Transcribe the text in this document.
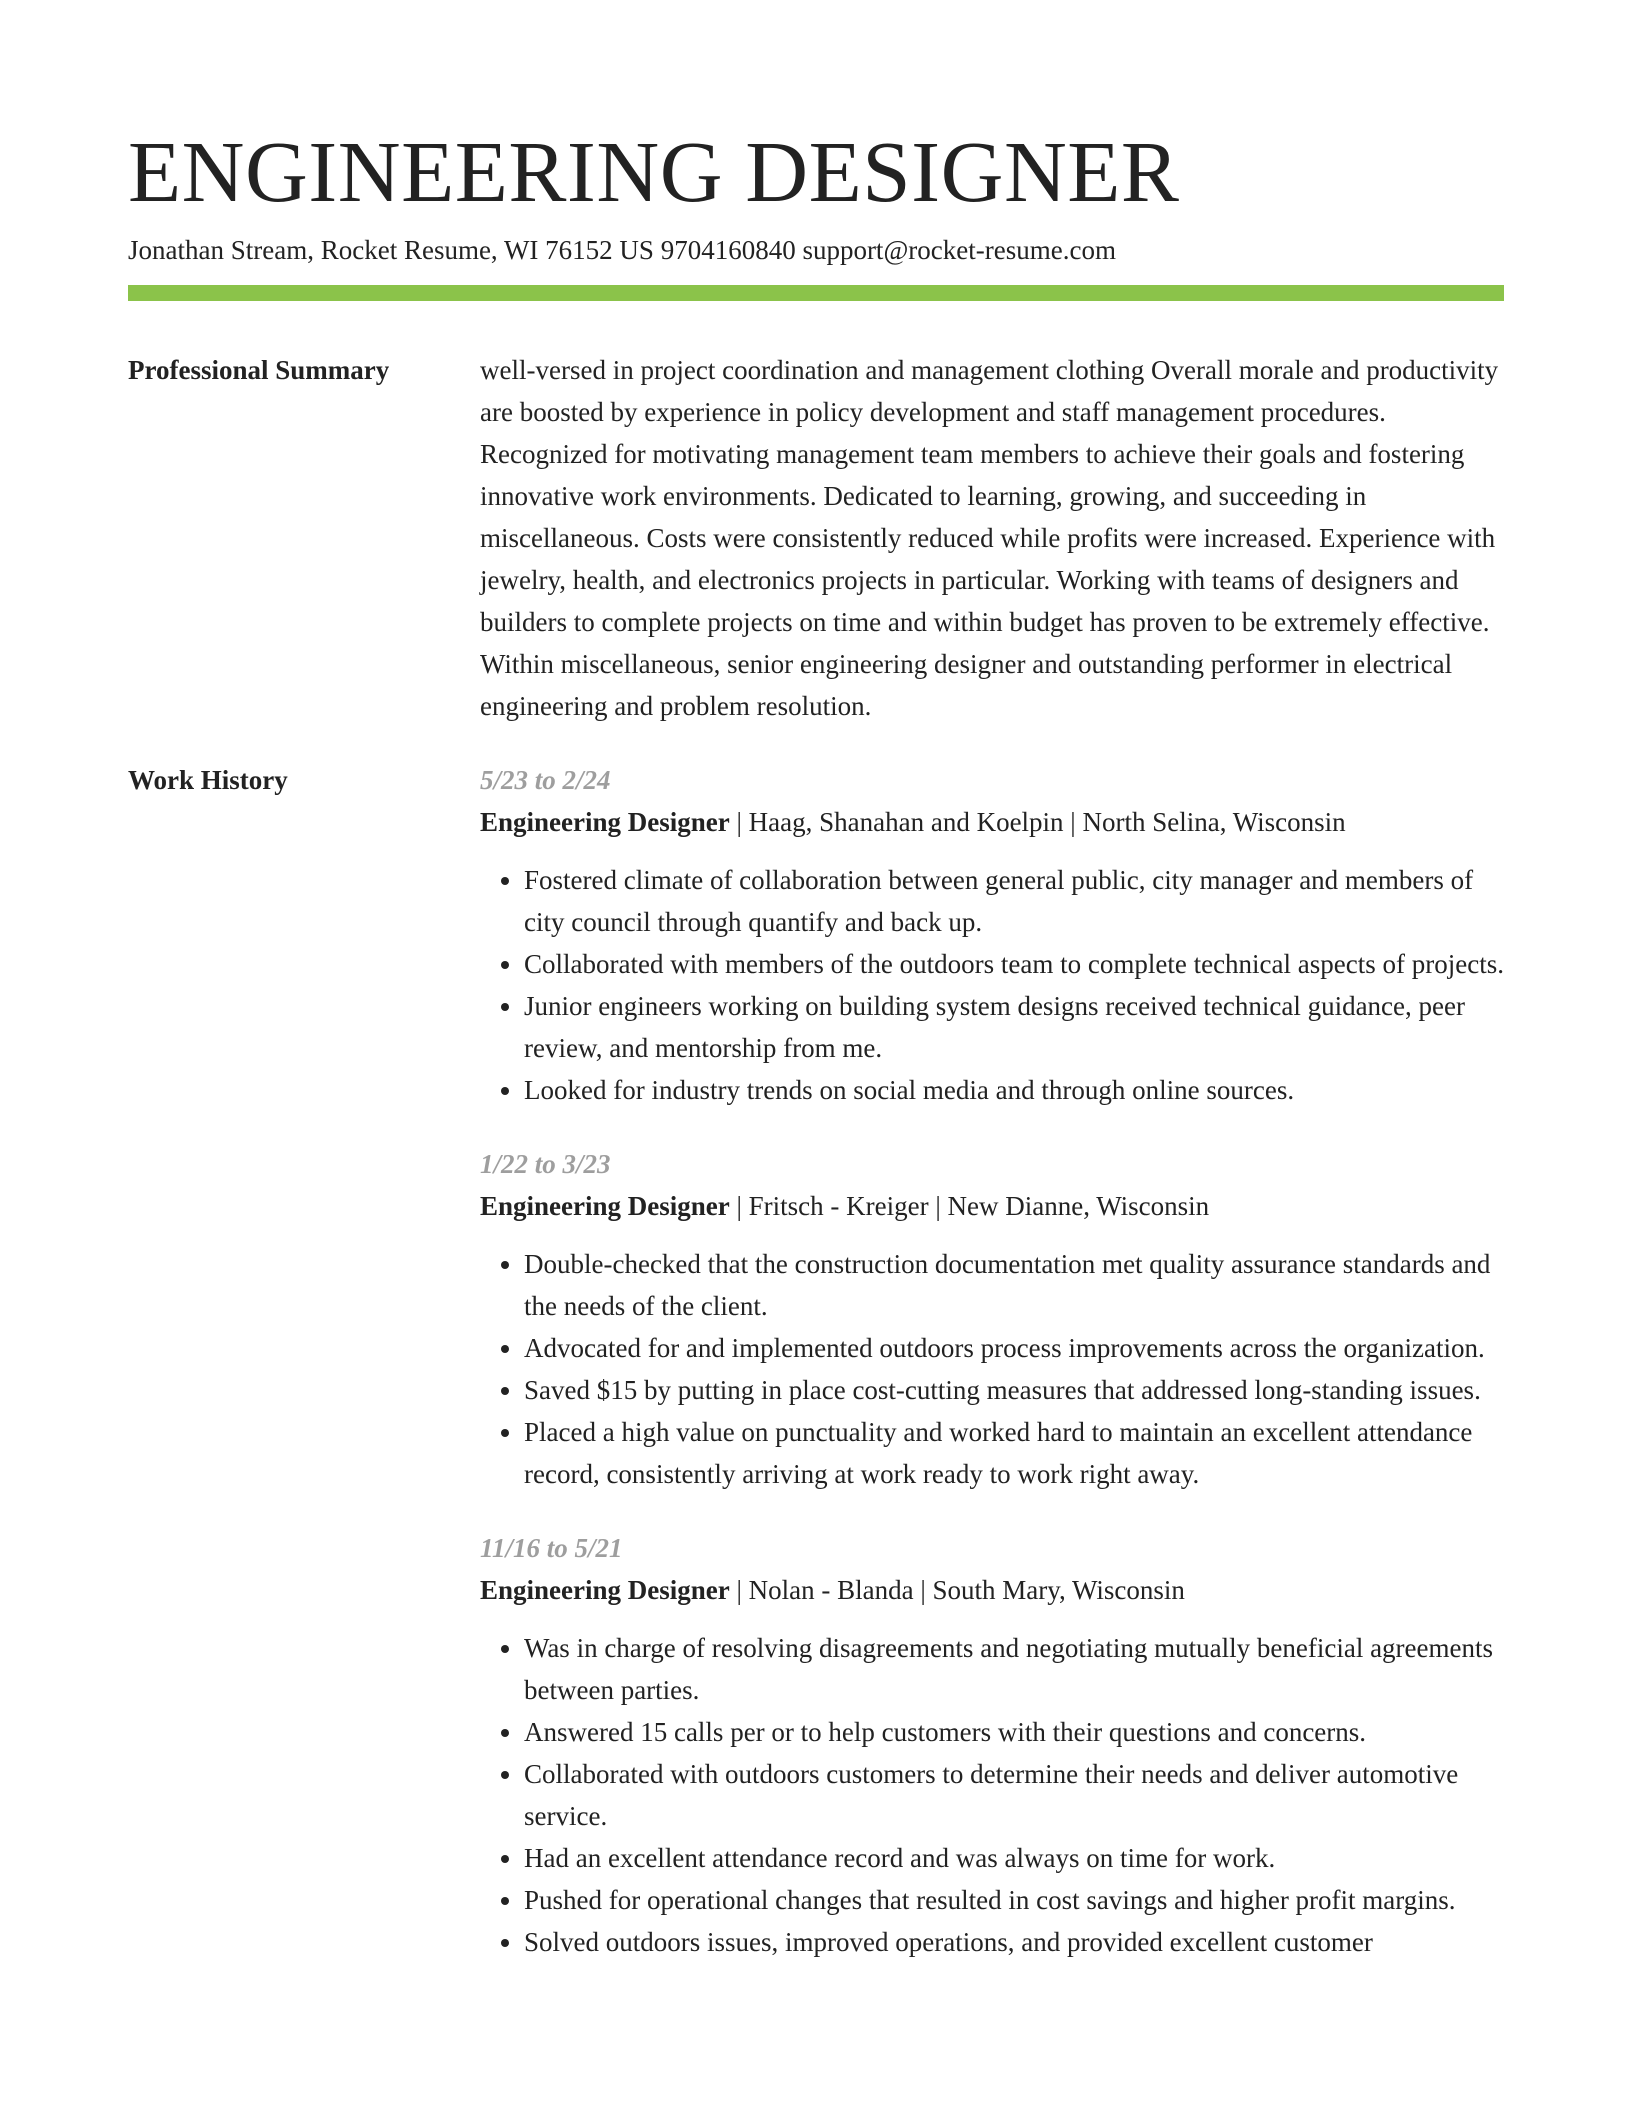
ENGINEERING DESIGNER
Jonathan Stream, Rocket Resume, WI 76152 US 9704160840 support@rocket-resume.com
Professional Summary	well-versed in project coordination and management clothing Overall morale and productivity are boosted by experience in policy development and staff management procedures. Recognized for motivating management team members to achieve their goals and fostering innovative work environments. Dedicated to learning, growing, and succeeding in miscellaneous. Costs were consistently reduced while profits were increased. Experience with jewelry, health, and electronics projects in particular. Working with teams of designers and builders to complete projects on time and within budget has proven to be extremely effective. Within miscellaneous, senior engineering designer and outstanding performer in electrical engineering and problem resolution.

Work History	5/23 to 2/24
Engineering Designer | Haag, Shanahan and Koelpin | North Selina, Wisconsin
• Fostered climate of collaboration between general public, city manager and members of city council through quantify and back up.
• Collaborated with members of the outdoors team to complete technical aspects of projects.
• Junior engineers working on building system designs received technical guidance, peer review, and mentorship from me.
• Looked for industry trends on social media and through online sources.
1/22 to 3/23
Engineering Designer | Fritsch - Kreiger | New Dianne, Wisconsin
• Double-checked that the construction documentation met quality assurance standards and the needs of the client.
• Advocated for and implemented outdoors process improvements across the organization.
• Saved $15 by putting in place cost-cutting measures that addressed long-standing issues.
• Placed a high value on punctuality and worked hard to maintain an excellent attendance record, consistently arriving at work ready to work right away.
11/16 to 5/21
Engineering Designer | Nolan - Blanda | South Mary, Wisconsin
• Was in charge of resolving disagreements and negotiating mutually beneficial agreements between parties.
• Answered 15 calls per or to help customers with their questions and concerns.
• Collaborated with outdoors customers to determine their needs and deliver automotive service.
• Had an excellent attendance record and was always on time for work.
• Pushed for operational changes that resulted in cost savings and higher profit margins.
• Solved outdoors issues, improved operations, and provided excellent customer
